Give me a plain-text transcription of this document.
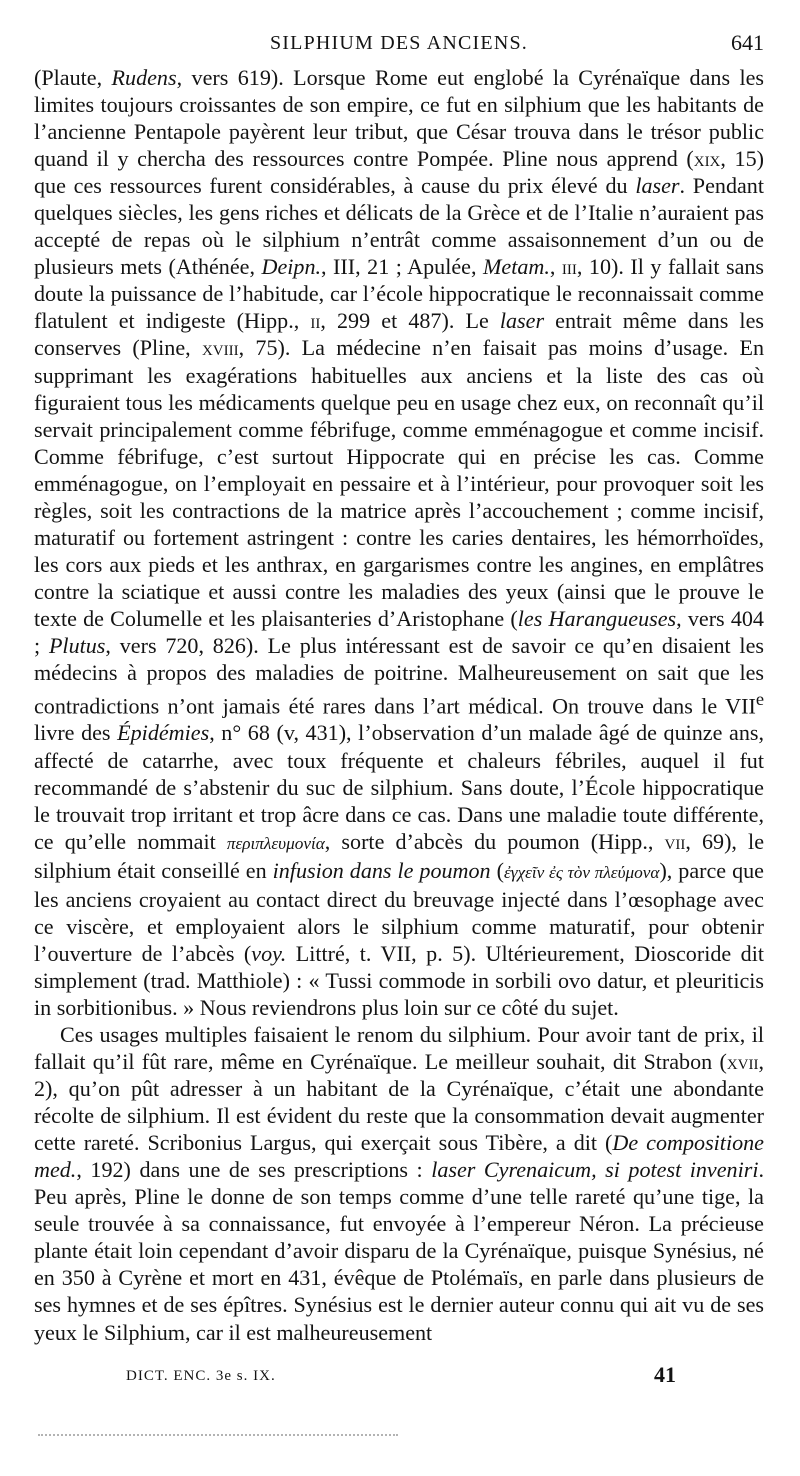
SILPHIUM DES ANCIENS.	641

(Plaute, Rudens, vers 619). Lorsque Rome eut englobé la Cyrénaïque dans les limites toujours croissantes de son empire, ce fut en silphium que les habitants de l’ancienne Pentapole payèrent leur tribut, que César trouva dans le trésor public quand il y chercha des ressources contre Pompée. Pline nous apprend (xix, 15) que ces ressources furent considérables, à cause du prix élevé du laser. Pendant quelques siècles, les gens riches et délicats de la Grèce et de l’Italie n’auraient pas accepté de repas où le silphium n’entrât comme assaisonnement d’un ou de plusieurs mets (Athénée, Deipn., III, 21 ; Apulée, Metam., iii, 10). Il y fallait sans doute la puissance de l’habitude, car l’école hippocratique le reconnaissait comme flatulent et indigeste (Hipp., ii, 299 et 487). Le laser entrait même dans les conserves (Pline, xviii, 75). La médecine n’en faisait pas moins d’usage. En supprimant les exagérations habituelles aux anciens et la liste des cas où figuraient tous les médicaments quelque peu en usage chez eux, on reconnaît qu’il servait principalement comme fébrifuge, comme emménagogue et comme incisif. Comme fébrifuge, c’est surtout Hippocrate qui en précise les cas. Comme emménagogue, on l’employait en pessaire et à l’intérieur, pour provoquer soit les règles, soit les contractions de la matrice après l’accouchement ; comme incisif, maturatif ou fortement astringent : contre les caries dentaires, les hémorrhoïdes, les cors aux pieds et les anthrax, en gargarismes contre les angines, en emplâtres contre la sciatique et aussi contre les maladies des yeux (ainsi que le prouve le texte de Columelle et les plaisanteries d’Aristophane (les Harangueuses, vers 404 ; Plutus, vers 720, 826). Le plus intéressant est de savoir ce qu’en disaient les médecins à propos des maladies de poitrine. Malheureusement on sait que les contradictions n’ont jamais été rares dans l’art médical. On trouve dans le VIIe livre des Épidémies, n° 68 (v, 431), l’observation d’un malade âgé de quinze ans, affecté de catarrhe, avec toux fréquente et chaleurs fébriles, auquel il fut recommandé de s’abstenir du suc de silphium. Sans doute, l’École hippocratique le trouvait trop irritant et trop âcre dans ce cas. Dans une maladie toute différente, ce qu’elle nommait περιπλευμονία, sorte d’abcès du poumon (Hipp., vii, 69), le silphium était conseillé en infusion dans le poumon (ἐγχεῖν ἐς τὸν πλεύμονα), parce que les anciens croyaient au contact direct du breuvage injecté dans l’œsophage avec ce viscère, et employaient alors le silphium comme maturatif, pour obtenir l’ouverture de l’abcès (voy. Littré, t. VII, p. 5). Ultérieurement, Dioscoride dit simplement (trad. Matthiole) : « Tussi commode in sorbili ovo datur, et pleuriticis in sorbitionibus. » Nous reviendrons plus loin sur ce côté du sujet.

Ces usages multiples faisaient le renom du silphium. Pour avoir tant de prix, il fallait qu’il fût rare, même en Cyrénaïque. Le meilleur souhait, dit Strabon (xvii, 2), qu’on pût adresser à un habitant de la Cyrénaïque, c’était une abondante récolte de silphium. Il est évident du reste que la consommation devait augmenter cette rareté. Scribonius Largus, qui exerçait sous Tibère, a dit (De compositione med., 192) dans une de ses prescriptions : laser Cyrenaicum, si potest inveniri. Peu après, Pline le donne de son temps comme d’une telle rareté qu’une tige, la seule trouvée à sa connaissance, fut envoyée à l’empereur Néron. La précieuse plante était loin cependant d’avoir disparu de la Cyrénaïque, puisque Synésius, né en 350 à Cyrène et mort en 431, évêque de Ptolémaïs, en parle dans plusieurs de ses hymnes et de ses épîtres. Synésius est le dernier auteur connu qui ait vu de ses yeux le Silphium, car il est malheureusement

DICT. ENC. 3e s. IX.	41
